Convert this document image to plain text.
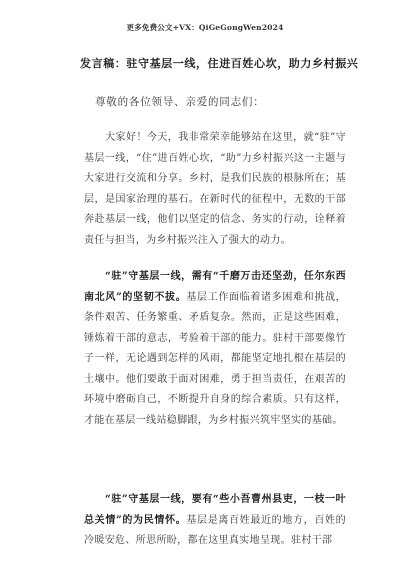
更多免费公文+VX：QiGeGongWen2024
发言稿：驻守基层一线，住进百姓心坎，助力乡村振兴
尊敬的各位领导、亲爱的同志们：

大家好！今天，我非常荣幸能够站在这里，就“驻”守基层一线，“住”进百姓心坎，“助”力乡村振兴这一主题与大家进行交流和分享。乡村，是我们民族的根脉所在；基层，是国家治理的基石。在新时代的征程中，无数的干部奔赴基层一线，他们以坚定的信念、务实的行动，诠释着责任与担当，为乡村振兴注入了强大的动力。

“驻”守基层一线，需有“千磨万击还坚劲，任尔东西南北风”的坚韧不拔。基层工作面临着诸多困难和挑战，条件艰苦、任务繁重、矛盾复杂。然而，正是这些困难，锤炼着干部的意志，考验着干部的能力。驻村干部要像竹子一样，无论遇到怎样的风雨，都能坚定地扎根在基层的土壤中。他们要敢于面对困难，勇于担当责任，在艰苦的环境中磨砺自己，不断提升自身的综合素质。只有这样，才能在基层一线站稳脚跟，为乡村振兴筑牢坚实的基础。

“驻”守基层一线，要有“些小吾曹州县吏，一枝一叶总关情”的为民情怀。基层是离百姓最近的地方，百姓的冷暖安危、所思所盼，都在这里真实地呈现。驻村干部
